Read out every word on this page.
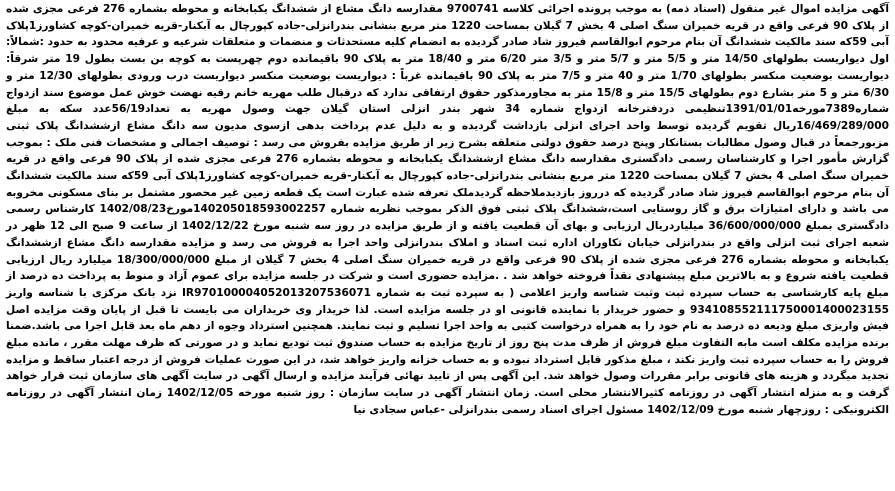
آگهی مزایده اموال غیر منقول (اسناد ذمه) به موجب پرونده اجرائی کلاسه 9700741 مقدارسه دانگ مشاع از ششدانگ یکبابخانه و محوطه بشماره 276 فرعی مجزی شده از پلاک 90 فرعی واقع در قریه خمیران سنگ اصلی 4 بخش 7 گیلان بمساحت 1220 متر مربع بنشانی بندرانزلی-جاده کپورچال به آبکنار-قریه خمیران-کوچه کشاورز1پلاک آبی 59که سند مالکیت ششدانگ آن بنام مرحوم ابوالقاسم فیروز شاد صادر گردیده به انضمام کلیه مستحدثات و منضمات و متعلقات شرعیه و عرفیه محدود به حدود :شمالاً: اول دیواریست بطولهای 14/50 متر و 5/5 متر و 5/7 متر و 3/5 متر 6/20 متر و 18/40 متر به پلاک 90 باقیمانده دوم چهرپست به کوچه بن بست بطول 19 متر شرقاً: دیواریست بوضعیت منکسر بطولهای 1/70 متر و 40 متر و 7/5 متر به پلاک 90 باقیمانده غرباً : دیواریست بوضعیت منکسر دیواریست درب ورودی بطولهای 12/30 متر و 6/30 متر و 5 متر بشارع دوم بطولهای 15/5 متر و 15/8 متر به مجاورمذکور حقوق ارتفاقی ندارد که درقبال طلب مهریه خانم رقیه نهضت خوش عمل موضوع سند ازدواج شماره7389مورخه1391/01/01تنظیمی دردفترخانه ازدواج شماره 34 شهر بندر انزلی استان گیلان جهت وصول مهریه به تعداد56/19عدد سکه به مبلغ 16/469/289/000ریال تقویم گردیده توسط واحد اجرای انزلی بازداشت گردیده و به دلیل عدم پرداخت بدهی ازسوی مدیون سه دانگ مشاع ازششدانگ پلاک ثبتی مزبورجمعاً در قبال وصول مطالبات بستانکار وپنج درصد حقوق دولتی متعلقه بشرح زیر از طریق مزایده بفروش می رسد : توصیف اجمالی و مشخصات فنی ملک : بموجب گزارش مأمور اجرا و کارشناسان رسمی دادگستری مقدارسه دانگ مشاع ازششدانگ یکبابخانه و محوطه بشماره 276 فرعی مجزی شده از پلاک 90 فرعی واقع در قریه خمیران سنگ اصلی 4 بخش 7 گیلان بمساحت 1220 متر مربع بنشانی بندرانزلی-جاده کپورچال به آبکنار-قریه خمیران-کوچه کشاورز1پلاک آبی 59که سند مالکیت ششدانگ آن بنام مرحوم ابوالقاسم فیروز شاد صادر گردیده که درروز بازدیدملاحظه گردیدملک تعرفه شده عبارت است یک قطعه زمین غیر محصور مشتمل بر بنای مسکونی مخروبه می باشد و دارای امتیازات برق و گاز روستایی است،ششدانگ پلاک ثبتی فوق الذکر بموجب نظریه شماره 140205018593002257مورخ1402/08/23 کارشناس رسمی دادگستری بمبلغ 36/600/000/000 میلیاردریال ارزیابی و بهای آن قطعیت یافته و از طریق مزایده در روز سه شنبه مورخ 1402/12/22 از ساعت 9 صبح الی 12 ظهر در شعبه اجرای ثبت انزلی واقع در بندرانزلی خیابان تکاوران اداره ثبت اسناد و املاک بندرانزلی واحد اجرا به فروش می رسد و مزایده مقدارسه دانگ مشاع ازششدانگ یکبابخانه و محوطه بشماره 276 فرعی مجزی شده از پلاک 90 فرعی واقع در قریه خمیران سنگ اصلی 4 بخش 7 گیلان از مبلغ 18/300/000/000 میلیارد ریال ارزیابی قطعیت یافته شروع و به بالاترین مبلغ پیشنهادی نقداً فروخته خواهد شد . .مزایده حضوری است و شرکت در جلسه مزایده برای عموم آزاد و منوط به پرداخت ده درصد از مبلغ پایه کارشناسی به حساب سپرده ثبت وثبت شناسه واریز اعلامی ( به سپرده ثبت به شماره IR970100004052013207536071 نزد بانک مرکزی با شناسه واریز 934108552111750001400023155 و حضور خریدار یا نماینده قانونی او در جلسه مزایده است. لذا خریدار وی خریداران می بایست تا قبل از پایان وقت مزایده اصل فیش واریزی مبلغ ودیعه ده درصد به نام خود را به همراه درخواست کتبی به واحد اجرا تسلیم و ثبت نمایند. همچنین استرداد وجوه از دهم ماه بعد قابل اجرا می باشد.ضمنا برنده مزایده مکلف است مابه التفاوت مبلغ فروش از ظرف مدت پنج روز از تاریخ مزایده به حساب صندوق ثبت تودیع نماید و در صورتی که ظرف مهلت مقرر ، مانده مبلغ فروش را به حساب سپرده ثبت واریز نکند ، مبلغ مذکور قابل استرداد نبوده و به حساب خزانه واریز خواهد شد، در این صورت عملیات فروش از درجه اعتبار ساقط و مزایده تجدید میگردد و هزینه های قانونی برابر مقررات وصول خواهد شد. این آگهی پس از تایید نهائی فرآیند مزایده و ارسال آگهی در سایت آگهی های سازمان ثبت قرار خواهد گرفت و به منزله انتشار آگهی در روزنامه کثیرالانتشار محلی است. زمان انتشار آگهی در سایت سازمان : روز شنبه مورخه 1402/12/05 زمان انتشار آگهی در روزنامه الکترونیکی : روزچهار شنبه مورخ 1402/12/09 مسئول اجرای اسناد رسمی بندرانزلی -عباس سجادی نیا
